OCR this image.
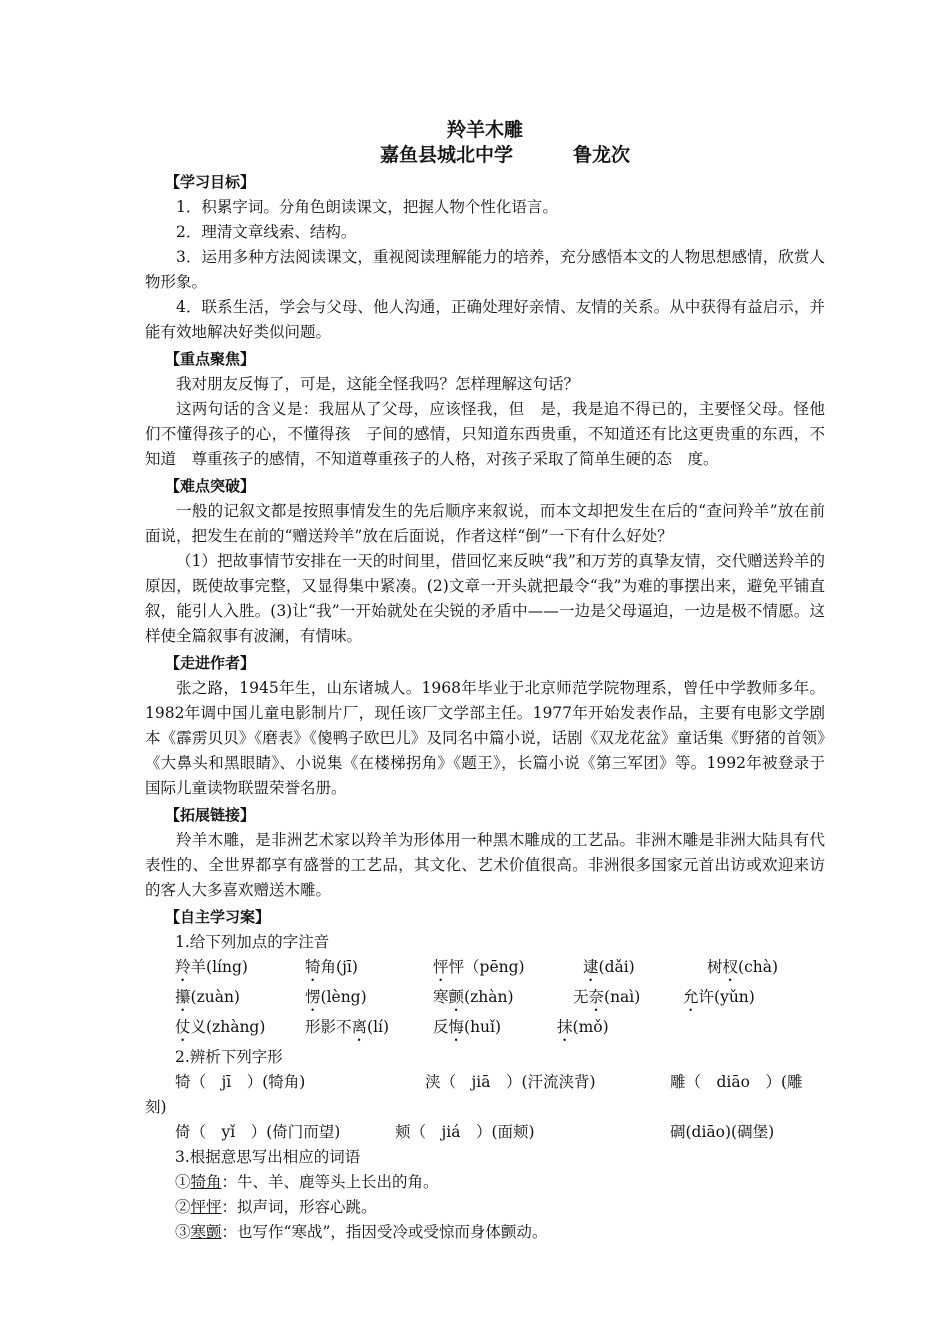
羚羊木雕
嘉鱼县城北中学	鲁龙次
【学习目标】

1．积累字词。分角色朗读课文，把握人物个性化语言。

2．理清文章线索、结构。

3．运用多种方法阅读课文，重视阅读理解能力的培养，充分感悟本文的人物思想感情，欣赏人物形象。

4．联系生活，学会与父母、他人沟通，正确处理好亲情、友情的关系。从中获得有益启示，并能有效地解决好类似问题。

【重点聚焦】

我对朋友反悔了，可是，这能全怪我吗？怎样理解这句话？

这两句话的含义是：我屈从了父母，应该怪我，但　是，我是追不得已的，主要怪父母。怪他们不懂得孩子的心，不懂得孩　子间的感情，只知道东西贵重，不知道还有比这更贵重的东西，不知道　尊重孩子的感情，不知道尊重孩子的人格，对孩子采取了简单生硬的态　度。

【难点突破】

一般的记叙文都是按照事情发生的先后顺序来叙说，而本文却把发生在后的“查问羚羊”放在前面说，把发生在前的“赠送羚羊”放在后面说，作者这样“倒”一下有什么好处？

（1）把故事情节安排在一天的时间里，借回忆来反映“我”和万芳的真挚友情，交代赠送羚羊的原因，既使故事完整，又显得集中紧凑。(2)文章一开头就把最令“我”为难的事摆出来，避免平铺直叙，能引人入胜。(3)让“我”一开始就处在尖锐的矛盾中——一边是父母逼迫，一边是极不情愿。这样使全篇叙事有波澜，有情味。

【走进作者】

张之路，1945年生，山东诸城人。1968年毕业于北京师范学院物理系，曾任中学教师多年。1982年调中国儿童电影制片厂，现任该厂文学部主任。1977年开始发表作品，主要有电影文学剧本《霹雳贝贝》《磨表》《傻鸭子欧巴儿》及同名中篇小说，话剧《双龙花盆》童话集《野猪的首领》《大鼻头和黑眼睛》、小说集《在楼梯拐角》《题王》，长篇小说《第三军团》等。1992年被登录于国际儿童读物联盟荣誉名册。

【拓展链接】

羚羊木雕，是非洲艺术家以羚羊为形体用一种黑木雕成的工艺品。非洲木雕是非洲大陆具有代表性的、全世界都享有盛誉的工艺品，其文化、艺术价值很高。非洲很多国家元首出访或欢迎来访的客人大多喜欢赠送木雕。

【自主学习案】
1.给下列加点的字注音
羚羊(líng)	犄角(jī)	怦怦（pēng)	逮(dǎi)	树杈(chà)
攥(zuàn)	愣(lèng)	寒颤(zhàn)	无奈(naì)	允许(yǔn)
仗义(zhàng)	形影不离(lí)	反悔(huǐ)	抹(mǒ)
2.辨析下列字形
犄（　jī　）(犄角)	浃（　jiā　）(汗流浃背)	雕（　diāo　）(雕
刻)
倚（　yǐ　）(倚门而望)	颊（　jiá　）(面颊)	碉(diāo)(碉堡)
3.根据意思写出相应的词语
①犄角：牛、羊、鹿等头上长出的角。
②怦怦：拟声词，形容心跳。
③寒颤：也写作“寒战”，指因受冷或受惊而身体颤动。
